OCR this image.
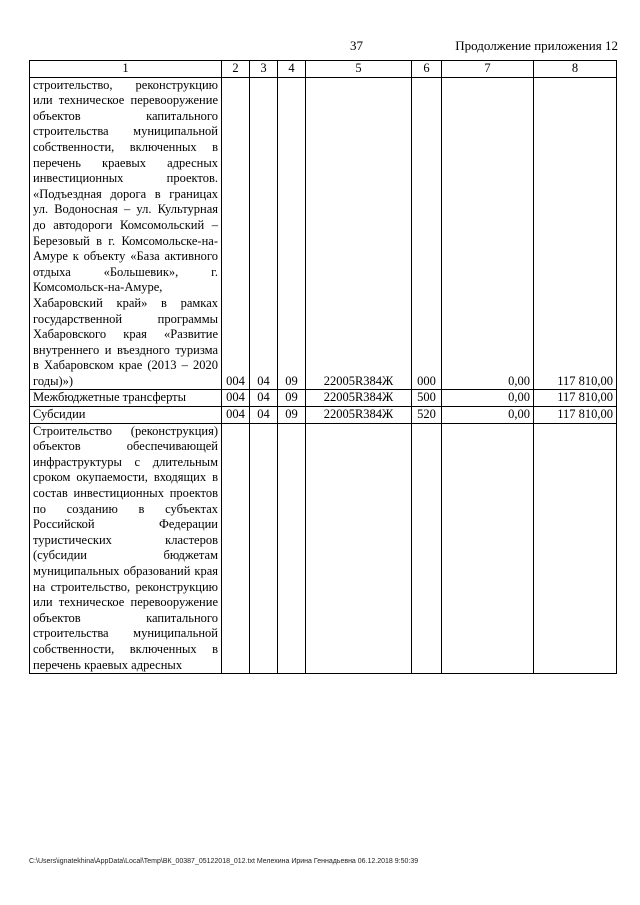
37	Продолжение приложения 12
1	2	3	4	5	6	7	8
строительство, реконструкцию или техническое перевооружение объектов капитального строительства муниципальной собственности, включенных в перечень краевых адресных инвестиционных проектов. «Подъездная дорога в границах ул. Водоносная – ул. Культурная до автодороги Комсомольский – Березовый в г. Комсомольске-на-Амуре к объекту «База активного отдыха «Большевик», г. Комсомольск-на-Амуре, Хабаровский край» в рамках государственной программы Хабаровского края «Развитие внутреннего и въездного туризма в Хабаровском крае (2013 – 2020 годы)»)	004	04	09	22005R384Ж	000	0,00	117 810,00
Межбюджетные трансферты	004	04	09	22005R384Ж	500	0,00	117 810,00
Субсидии	004	04	09	22005R384Ж	520	0,00	117 810,00
Строительство (реконструкция) объектов обеспечивающей инфраструктуры с длительным сроком окупаемости, входящих в состав инвестиционных проектов по созданию в субъектах Российской Федерации туристических кластеров (субсидии бюджетам муниципальных образований края на строительство, реконструкцию или техническое перевооружение объектов капитального строительства муниципальной собственности, включенных в перечень краевых адресных							
C:\Users\ignatekhina\AppData\Local\Temp\ВК_00387_05122018_012.txt Мелехина Ирина Геннадьевна 06.12.2018 9:50:39
